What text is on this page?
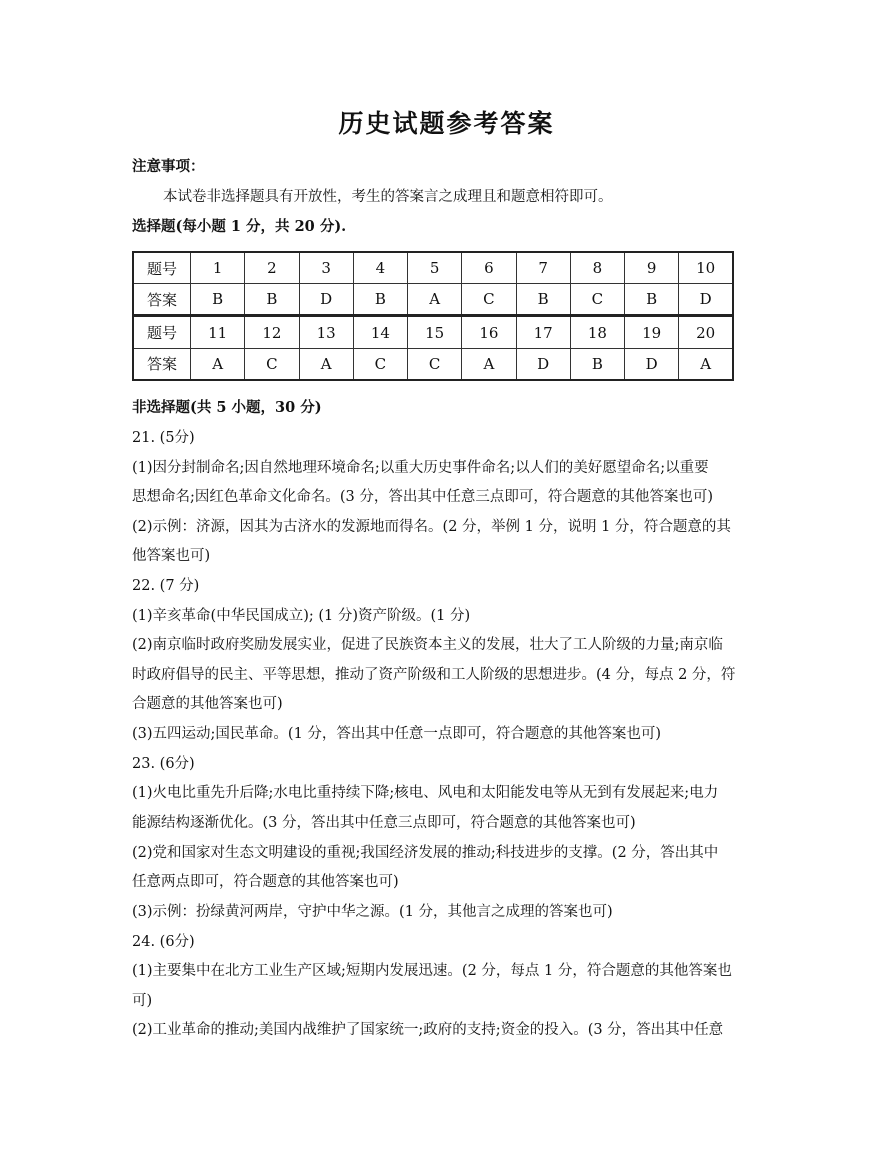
历史试题参考答案
注意事项：
本试卷非选择题具有开放性，考生的答案言之成理且和题意相符即可。
选择题(每小题 1 分，共 20 分).
题号	1	2	3	4	5	6	7	8	9	10
答案	B	B	D	B	A	C	B	C	B	D
题号	11	12	13	14	15	16	17	18	19	20
答案	A	C	A	C	C	A	D	B	D	A
非选择题(共 5 小题，30 分)
21. (5分)
(1)因分封制命名;因自然地理环境命名;以重大历史事件命名;以人们的美好愿望命名;以重要
思想命名;因红色革命文化命名。(3 分，答出其中任意三点即可，符合题意的其他答案也可)
(2)示例：济源，因其为古济水的发源地而得名。(2 分，举例 1 分，说明 1 分，符合题意的其
他答案也可)
22. (7 分)
(1)辛亥革命(中华民国成立); (1 分)资产阶级。(1 分)
(2)南京临时政府奖励发展实业，促进了民族资本主义的发展，壮大了工人阶级的力量;南京临
时政府倡导的民主、平等思想，推动了资产阶级和工人阶级的思想进步。(4 分，每点 2 分，符
合题意的其他答案也可)
(3)五四运动;国民革命。(1 分，答出其中任意一点即可，符合题意的其他答案也可)
23. (6分)
(1)火电比重先升后降;水电比重持续下降;核电、风电和太阳能发电等从无到有发展起来;电力
能源结构逐渐优化。(3 分，答出其中任意三点即可，符合题意的其他答案也可)
(2)党和国家对生态文明建设的重视;我国经济发展的推动;科技进步的支撑。(2 分，答出其中
任意两点即可，符合题意的其他答案也可)
(3)示例：扮绿黄河两岸，守护中华之源。(1 分，其他言之成理的答案也可)
24. (6分)
(1)主要集中在北方工业生产区域;短期内发展迅速。(2 分，每点 1 分，符合题意的其他答案也
可)
(2)工业革命的推动;美国内战维护了国家统一;政府的支持;资金的投入。(3 分，答出其中任意
